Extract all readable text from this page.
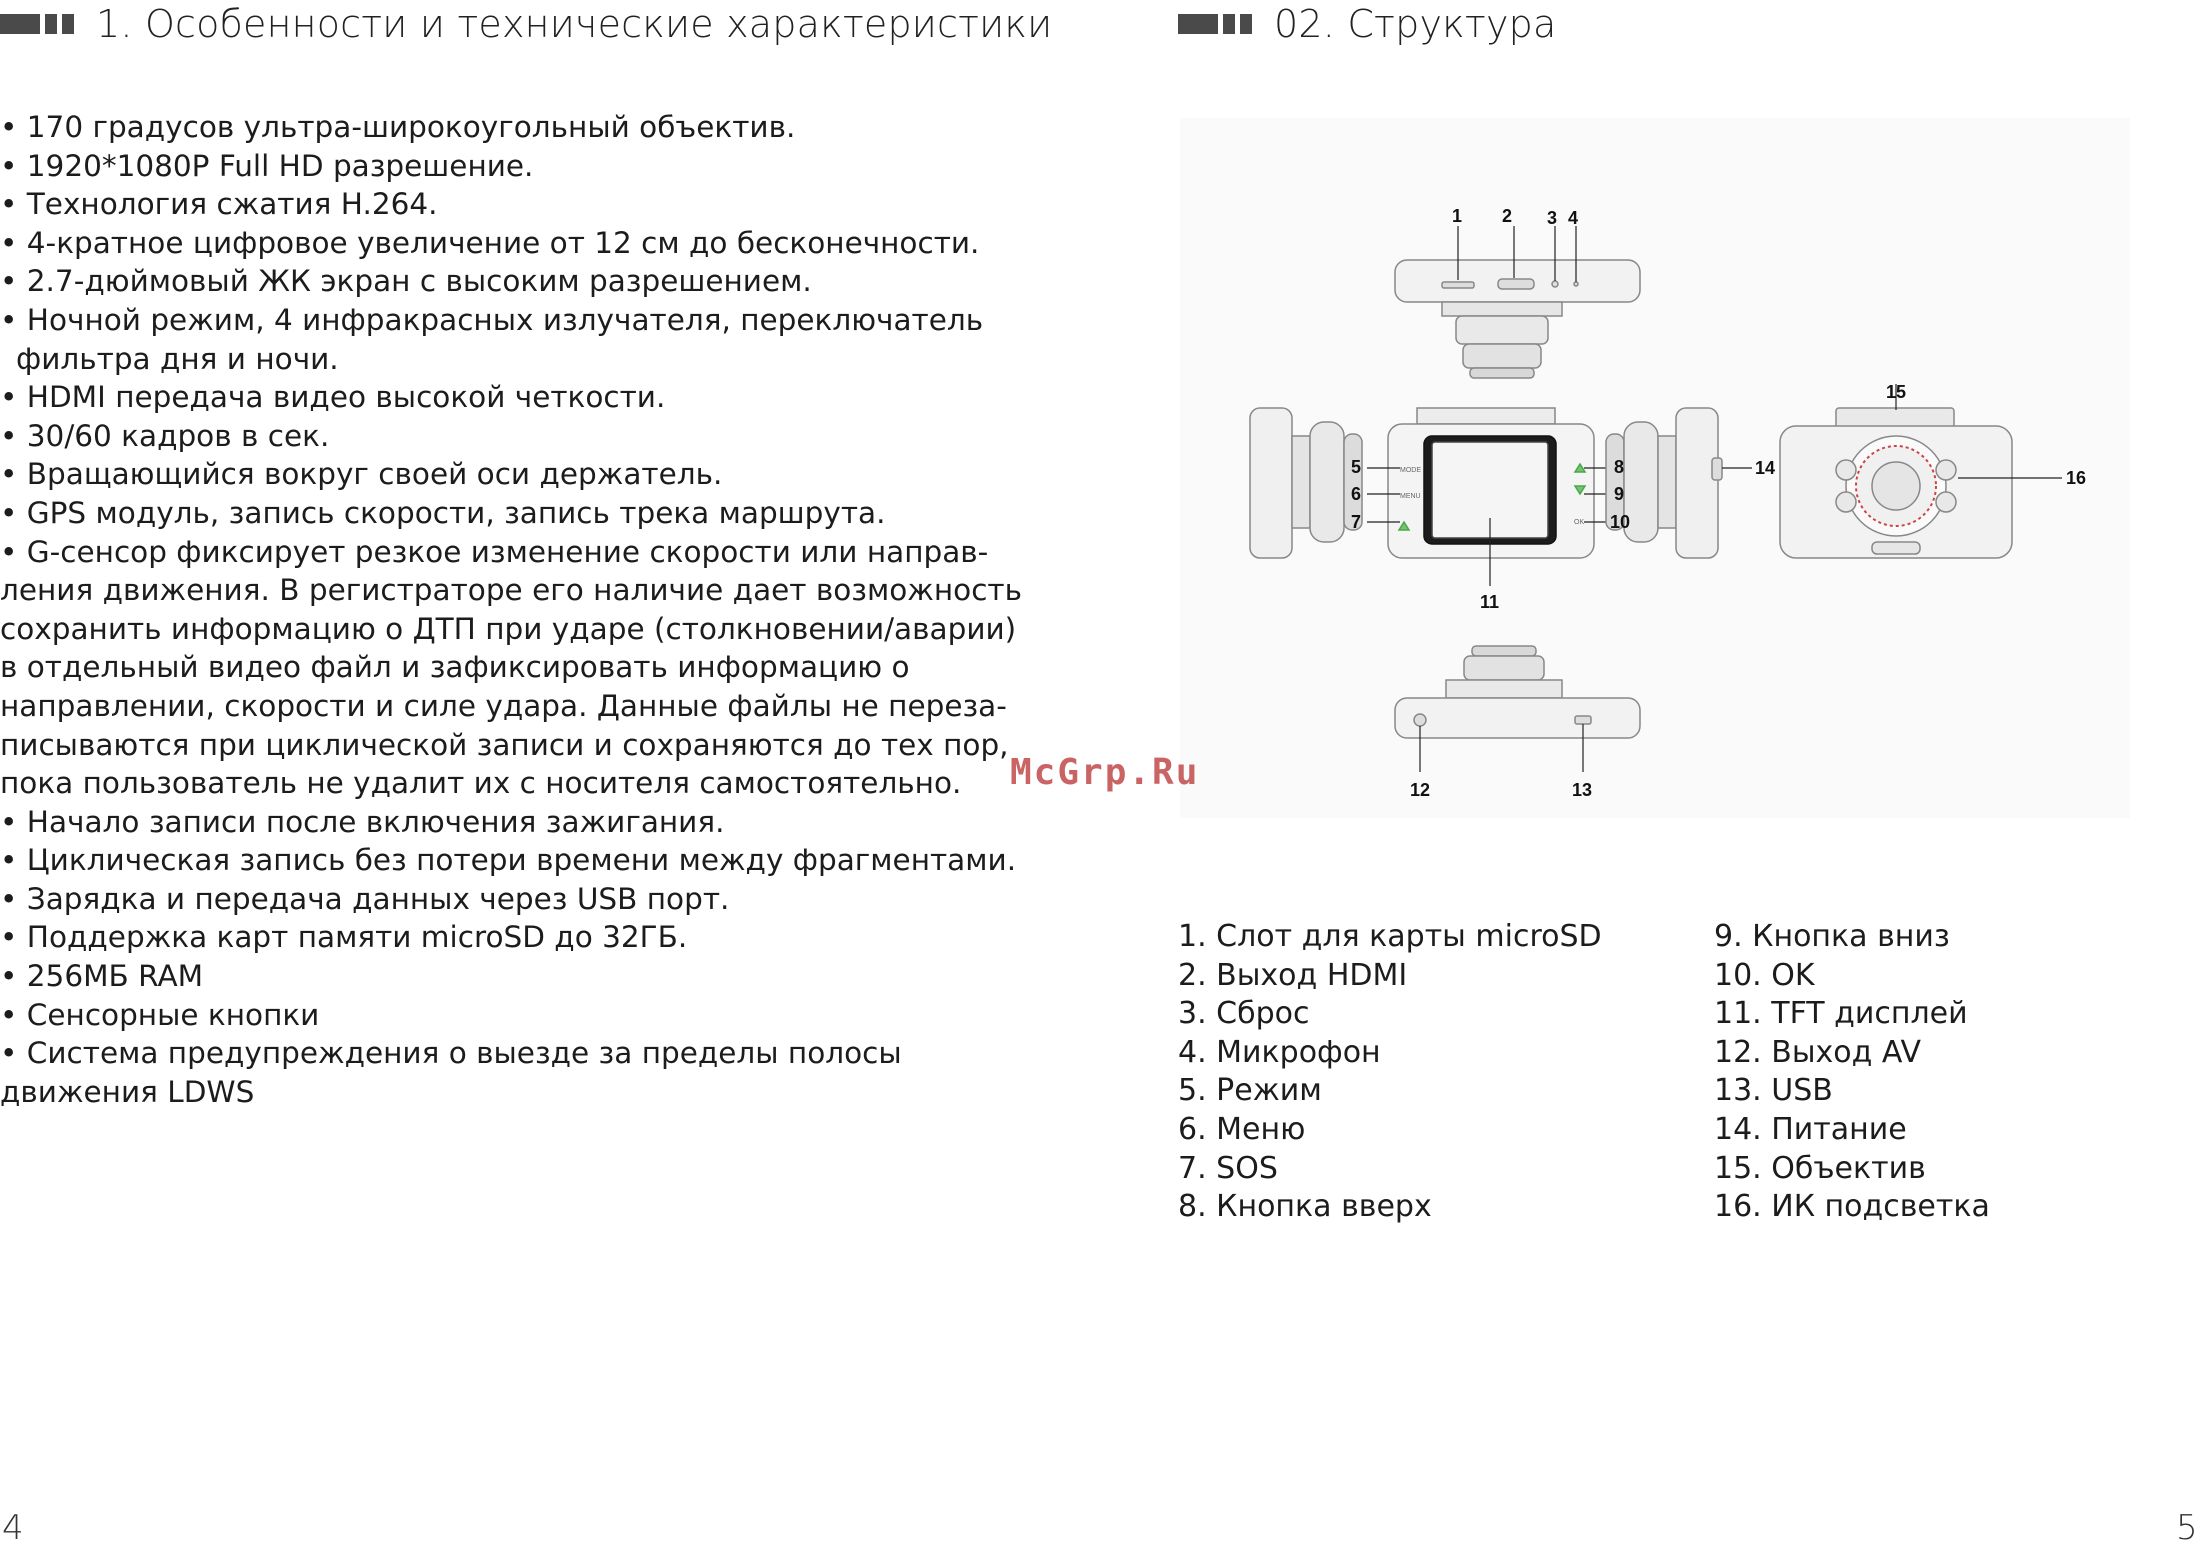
1. Особенности и технические характеристики
• 170 градусов ультра-широкоугольный объектив.
• 1920*1080P Full HD разрешение.
• Технология сжатия H.264.
• 4-кратное цифровое увеличение от 12 см до бесконечности.
• 2.7-дюймовый ЖК экран с высоким разрешением.
• Ночной режим, 4 инфракрасных излучателя, переключатель
фильтра дня и ночи.
• HDMI передача видео высокой четкости.
• 30/60 кадров в сек.
• Вращающийся вокруг своей оси держатель.
• GPS модуль, запись скорости, запись трека маршрута.
• G-сенсор фиксирует резкое изменение скорости или направ-
ления движения. В регистраторе его наличие дает возможность
сохранить информацию о ДТП при ударе (столкновении/аварии)
в отдельный видео файл и зафиксировать информацию о
направлении, скорости и силе удара. Данные файлы не переза-
писываются при циклической записи и сохраняются до тех пор,
пока пользователь не удалит их с носителя самостоятельно.
• Начало записи после включения зажигания.
• Циклическая запись без потери времени между фрагментами.
• Зарядка и передача данных через USB порт.
• Поддержка карт памяти microSD до 32ГБ.
• 256МБ RAM
• Сенсорные кнопки
• Система предупреждения о выезде за пределы полосы
движения LDWS
4
02. Структура
MODE
MENU
OK
1 2 3 4
5
6
7
8
9
10
11
12	13
14
15
16
McGrp.Ru
1. Слот для карты microSD
2. Выход HDMI
3. Сброс
4. Микрофон
5. Режим
6. Меню
7. SOS
8. Кнопка вверх
9. Кнопка вниз
10. OK
11. TFT дисплей
12. Выход AV
13. USB
14. Питание
15. Объектив
16. ИК подсветка
5
